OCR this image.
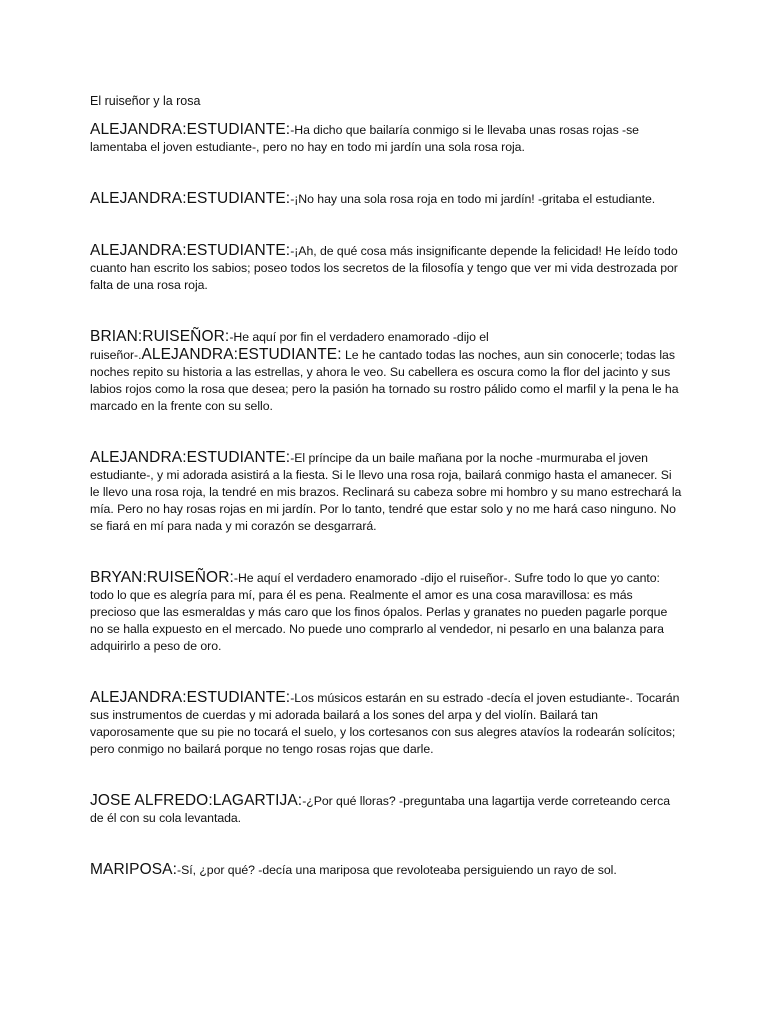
El ruiseñor y la rosa

ALEJANDRA:ESTUDIANTE:-Ha dicho que bailaría conmigo si le llevaba unas rosas rojas -se lamentaba el joven estudiante-, pero no hay en todo mi jardín una sola rosa roja.

ALEJANDRA:ESTUDIANTE:-¡No hay una sola rosa roja en todo mi jardín! -gritaba el estudiante.

ALEJANDRA:ESTUDIANTE:-¡Ah, de qué cosa más insignificante depende la felicidad! He leído todo cuanto han escrito los sabios; poseo todos los secretos de la filosofía y tengo que ver mi vida destrozada por falta de una rosa roja.

BRIAN:RUISEÑOR:-He aquí por fin el verdadero enamorado -dijo el ruiseñor-.ALEJANDRA:ESTUDIANTE: Le he cantado todas las noches, aun sin conocerle; todas las noches repito su historia a las estrellas, y ahora le veo. Su cabellera es oscura como la flor del jacinto y sus labios rojos como la rosa que desea; pero la pasión ha tornado su rostro pálido como el marfil y la pena le ha marcado en la frente con su sello.

ALEJANDRA:ESTUDIANTE:-El príncipe da un baile mañana por la noche -murmuraba el joven estudiante-, y mi adorada asistirá a la fiesta. Si le llevo una rosa roja, bailará conmigo hasta el amanecer. Si le llevo una rosa roja, la tendré en mis brazos. Reclinará su cabeza sobre mi hombro y su mano estrechará la mía. Pero no hay rosas rojas en mi jardín. Por lo tanto, tendré que estar solo y no me hará caso ninguno. No se fiará en mí para nada y mi corazón se desgarrará.

BRYAN:RUISEÑOR:-He aquí el verdadero enamorado -dijo el ruiseñor-. Sufre todo lo que yo canto: todo lo que es alegría para mí, para él es pena. Realmente el amor es una cosa maravillosa: es más precioso que las esmeraldas y más caro que los finos ópalos. Perlas y granates no pueden pagarle porque no se halla expuesto en el mercado. No puede uno comprarlo al vendedor, ni pesarlo en una balanza para adquirirlo a peso de oro.

ALEJANDRA:ESTUDIANTE:-Los músicos estarán en su estrado -decía el joven estudiante-. Tocarán sus instrumentos de cuerdas y mi adorada bailará a los sones del arpa y del violín. Bailará tan vaporosamente que su pie no tocará el suelo, y los cortesanos con sus alegres atavíos la rodearán solícitos; pero conmigo no bailará porque no tengo rosas rojas que darle.

JOSE ALFREDO:LAGARTIJA:-¿Por qué lloras? -preguntaba una lagartija verde correteando cerca de él con su cola levantada.

MARIPOSA:-Sí, ¿por qué? -decía una mariposa que revoloteaba persiguiendo un rayo de sol.
